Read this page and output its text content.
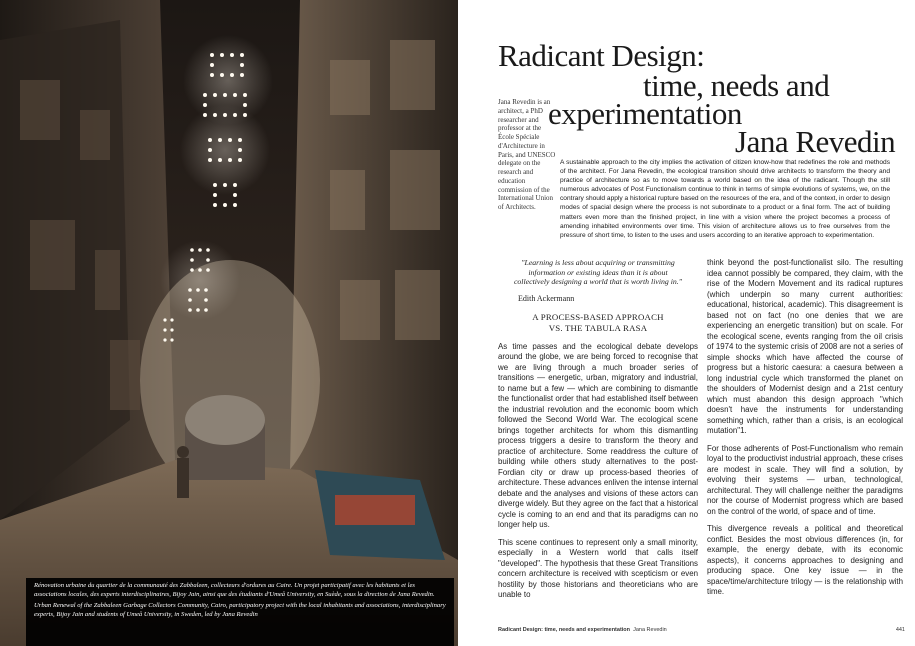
Rénovation urbaine du quartier de la communauté des Zabbaleen, collecteurs d'ordures au Caire. Un projet participatif avec les habitants et les associations locales, des experts interdisciplinaires, Bijoy Jain, ainsi que des étudiants d'Umeå University, en Suède, sous la direction de Jana Revedin.

Urban Renewal of the Zabbaleen Garbage Collectors Community, Cairo, participatory project with the local inhabitants and associations, interdisciplinary experts, Bijoy Jain and students of Umeå University, in Sweden, led by Jana Revedin

Radicant Design:
time, needs and
experimentation
Jana Revedin
Jana Revedin is an architect, a PhD researcher and professor at the École Spéciale d'Architecture in Paris, and UNESCO delegate on the research and education commission of the International Union of Architects.
A sustainable approach to the city implies the activation of citizen know-how that redefines the role and methods of the architect. For Jana Revedin, the ecological transition should drive architects to transform the theory and practice of architecture so as to move towards a world based on the idea of the radicant. Though the still numerous advocates of Post Functionalism continue to think in terms of simple evolutions of systems, we, on the contrary should apply a historical rupture based on the resources of the era, and of the context, in order to design modes of spacial design where the process is not subordinate to a product or a final form. The act of building matters even more than the finished project, in line with a vision where the project becomes a process of amending inhabited environments over time. This vision of architecture allows us to free ourselves from the pressure of short time, to listen to the uses and users according to an iterative approach to experimentation.

"Learning is less about acquiring or transmitting information or existing ideas than it is about collectively designing a world that is worth living in."

Edith Ackermann

A PROCESS-BASED APPROACH
VS. THE TABULA RASA

As time passes and the ecological debate develops around the globe, we are being forced to recognise that we are living through a much broader series of transitions — energetic, urban, migratory and industrial, to name but a few — which are combining to dismantle the functionalist order that had established itself between the industrial revolution and the economic boom which followed the Second World War. The ecological scene brings together architects for whom this dismantling process triggers a desire to transform the theory and practice of architecture. Some readdress the culture of building while others study alternatives to the post-Fordian city or draw up process-based theories of architecture. These advances enliven the intense internal debate and the analyses and visions of these actors can diverge widely. But they agree on the fact that a historical cycle is coming to an end and that its paradigms can no longer help us.

This scene continues to represent only a small minority, especially in a Western world that calls itself "developed". The hypothesis that these Great Transitions concern architecture is received with scepticism or even hostility by those historians and theoreticians who are unable to

think beyond the post-functionalist silo. The resulting idea cannot possibly be compared, they claim, with the rise of the Modern Movement and its radical ruptures (which underpin so many current authorities: educational, historical, academic). This disagreement is based not on fact (no one denies that we are experiencing an energetic transition) but on scale. For the ecological scene, events ranging from the oil crisis of 1974 to the systemic crisis of 2008 are not a series of simple shocks which have affected the course of progress but a historic caesura: a caesura between a long industrial cycle which transformed the planet on the shoulders of Modernist design and a 21st century which must abandon this design approach "which doesn't have the instruments for understanding something which, rather than a crisis, is an ecological mutation"1.

For those adherents of Post-Functionalism who remain loyal to the productivist industrial approach, these crises are modest in scale. They will find a solution, by evolving their systems — urban, technological, architectural. They will challenge neither the paradigms nor the course of Modernist progress which are based on the control of the world, of space and of time.

This divergence reveals a political and theoretical conflict. Besides the most obvious differences (in, for example, the energy debate, with its economic aspects), it concerns approaches to designing and producing space. One key issue — in the space/time/architecture trilogy — is the relationship with time.

Radicant Design: time, needs and experimentation Jana Revedin	441
